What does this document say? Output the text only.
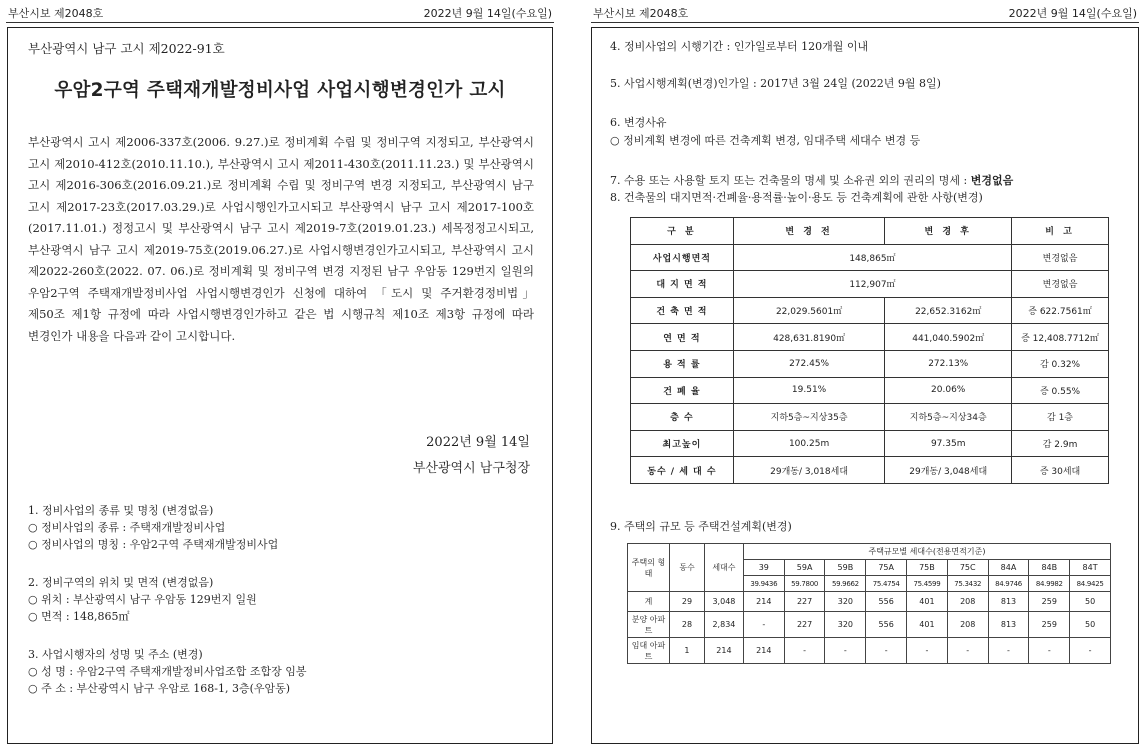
부산시보 제2048호	2022년 9월 14일(수요일)
부산광역시 남구 고시 제2022-91호
우암2구역 주택재개발정비사업 사업시행변경인가 고시
부산광역시 고시 제2006-337호(2006. 9.27.)로 정비계획 수립 및 정비구역 지정되고, 부산광역시 고시 제2010-412호(2010.11.10.), 부산광역시 고시 제2011-430호(2011.11.23.) 및 부산광역시 고시 제2016-306호(2016.09.21.)로 정비계획 수립 및 정비구역 변경 지정되고, 부산광역시 남구 고시 제2017-23호(2017.03.29.)로 사업시행인가고시되고 부산광역시 남구 고시 제2017-100호(2017.11.01.) 정정고시 및 부산광역시 남구 고시 제2019-7호(2019.01.23.) 세목정정고시되고, 부산광역시 남구 고시 제2019-75호(2019.06.27.)로 사업시행변경인가고시되고, 부산광역시 고시 제2022-260호(2022. 07. 06.)로 정비계획 및 정비구역 변경 지정된 남구 우암동 129번지 일원의 우암2구역 주택재개발정비사업 사업시행변경인가 신청에 대하여 「도시 및 주거환경정비법」 제50조 제1항 규정에 따라 사업시행변경인가하고 같은 법 시행규칙 제10조 제3항 규정에 따라 변경인가 내용을 다음과 같이 고시합니다.
2022년 9월 14일
부산광역시 남구청장
1. 정비사업의 종류 및 명칭 (변경없음)
○ 정비사업의 종류 : 주택재개발정비사업
○ 정비사업의 명칭 : 우암2구역 주택재개발정비사업
2. 정비구역의 위치 및 면적 (변경없음)
○ 위치 : 부산광역시 남구 우암동 129번지 일원
○ 면적 : 148,865㎡
3. 사업시행자의 성명 및 주소 (변경)
○ 성 명 : 우암2구역 주택재개발정비사업조합 조합장 임봉
○ 주 소 : 부산광역시 남구 우암로 168-1, 3층(우암동)
부산시보 제2048호	2022년 9월 14일(수요일)
4. 정비사업의 시행기간 : 인가일로부터 120개월 이내
5. 사업시행계획(변경)인가일 : 2017년 3월 24일 (2022년 9월 8일)
6. 변경사유
○ 정비계획 변경에 따른 건축계획 변경, 임대주택 세대수 변경 등
7. 수용 또는 사용할 토지 또는 건축물의 명세 및 소유권 외의 권리의 명세 : 변경없음
8. 건축물의 대지면적·건폐율·용적률·높이·용도 등 건축계획에 관한 사항(변경)
구 분	변 경 전	변 경 후	비 고
사업시행면적	148,865㎡		변경없음
대 지 면 적	112,907㎡		변경없음
건 축 면 적	22,029.5601㎡	22,652.3162㎡	증 622.7561㎡
연 면 적	428,631.8190㎡	441,040.5902㎡	증 12,408.7712㎡
용 적 률	272.45%	272.13%	감 0.32%
건 폐 율	19.51%	20.06%	증 0.55%
층 수	지하5층~지상35층	지하5층~지상34층	감 1층
최고높이	100.25m	97.35m	감 2.9m
동수 / 세 대 수	29개동/ 3,018세대	29개동/ 3,048세대	증 30세대
9. 주택의 규모 등 주택건설계획(변경)
주택의 형태	동수	세대수	주택규모별 세대수(전용면적기준)								
			39	59A	59B	75A	75B	75C	84A	84B	84T
			39.9436	59.7800	59.9662	75.4754	75.4599	75.3432	84.9746	84.9982	84.9425
계	29	3,048	214	227	320	556	401	208	813	259	50
분양 아파트	28	2,834	-	227	320	556	401	208	813	259	50
임대 아파트	1	214	214	-	-	-	-	-	-	-	-
